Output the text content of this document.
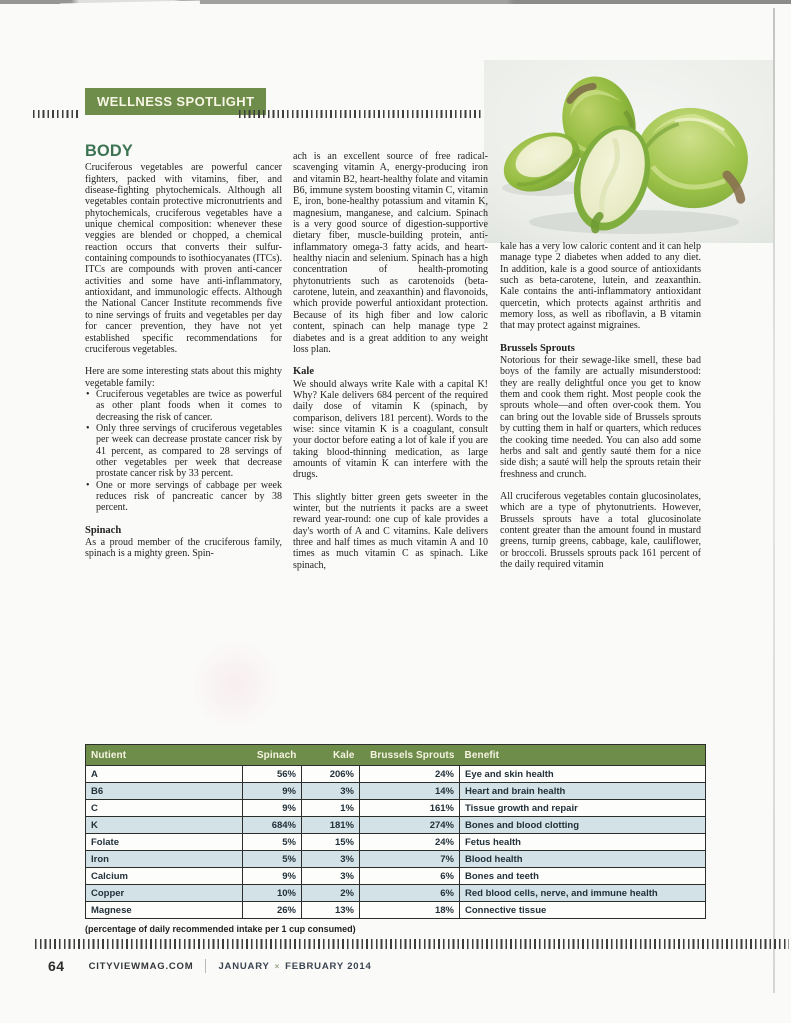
WELLNESS SPOTLIGHT
BODY

Cruciferous vegetables are powerful cancer fighters, packed with vitamins, fiber, and disease-fighting phytochemicals. Although all vegetables contain protective micronutrients and phytochemicals, cruciferous vegetables have a unique chemical composition: whenever these veggies are blended or chopped, a chemical reaction occurs that converts their sulfur-containing compounds to isothiocyanates (ITCs). ITCs are compounds with proven anti-cancer activities and some have anti-inflammatory, antioxidant, and immunologic effects. Although the National Cancer Institute recommends five to nine servings of fruits and vegetables per day for cancer prevention, they have not yet established specific recommendations for cruciferous vegetables.

Here are some interesting stats about this mighty vegetable family:

• Cruciferous vegetables are twice as powerful as other plant foods when it comes to decreasing the risk of cancer.
• Only three servings of cruciferous vegetables per week can decrease prostate cancer risk by 41 percent, as compared to 28 servings of other vegetables per week that decrease prostate cancer risk by 33 percent.
• One or more servings of cabbage per week reduces risk of pancreatic cancer by 38 percent.
Spinach

As a proud member of the cruciferous family, spinach is a mighty green. Spin-

ach is an excellent source of free radical-scavenging vitamin A, energy-producing iron and vitamin B2, heart-healthy folate and vitamin B6, immune system boosting vitamin C, vitamin E, iron, bone-healthy potassium and vitamin K, magnesium, manganese, and calcium. Spinach is a very good source of digestion-supportive dietary fiber, muscle-building protein, anti-inflammatory omega-3 fatty acids, and heart-healthy niacin and selenium. Spinach has a high concentration of health-promoting phytonutrients such as carotenoids (beta-carotene, lutein, and zeaxanthin) and flavonoids, which provide powerful antioxidant protection. Because of its high fiber and low caloric content, spinach can help manage type 2 diabetes and is a great addition to any weight loss plan.

Kale

We should always write Kale with a capital K! Why? Kale delivers 684 percent of the required daily dose of vitamin K (spinach, by comparison, delivers 181 percent). Words to the wise: since vitamin K is a coagulant, consult your doctor before eating a lot of kale if you are taking blood-thinning medication, as large amounts of vitamin K can interfere with the drugs.

This slightly bitter green gets sweeter in the winter, but the nutrients it packs are a sweet reward year-round: one cup of kale provides a day's worth of A and C vitamins. Kale delivers three and half times as much vitamin A and 10 times as much vitamin C as spinach. Like spinach,

kale has a very low caloric content and it can help manage type 2 diabetes when added to any diet. In addition, kale is a good source of antioxidants such as beta-carotene, lutein, and zeaxanthin. Kale contains the anti-inflammatory antioxidant quercetin, which protects against arthritis and memory loss, as well as riboflavin, a B vitamin that may protect against migraines.

Brussels Sprouts

Notorious for their sewage-like smell, these bad boys of the family are actually misunderstood: they are really delightful once you get to know them and cook them right. Most people cook the sprouts whole—and often over-cook them. You can bring out the lovable side of Brussels sprouts by cutting them in half or quarters, which reduces the cooking time needed. You can also add some herbs and salt and gently sauté them for a nice side dish; a sauté will help the sprouts retain their freshness and crunch.

All cruciferous vegetables contain glucosinolates, which are a type of phytonutrients. However, Brussels sprouts have a total glucosinolate content greater than the amount found in mustard greens, turnip greens, cabbage, kale, cauliflower, or broccoli. Brussels sprouts pack 161 percent of the daily required vitamin

Nutient	Spinach	Kale	Brussels Sprouts	Benefit
A	56%	206%	24%	Eye and skin health
B6	9%	3%	14%	Heart and brain health
C	9%	1%	161%	Tissue growth and repair
K	684%	181%	274%	Bones and blood clotting
Folate	5%	15%	24%	Fetus health
Iron	5%	3%	7%	Blood health
Calcium	9%	3%	6%	Bones and teeth
Copper	10%	2%	6%	Red blood cells, nerve, and immune health
Magnese	26%	13%	18%	Connective tissue
(percentage of daily recommended intake per 1 cup consumed)
64	CITYVIEWMAG.COM	JANUARY × FEBRUARY 2014
